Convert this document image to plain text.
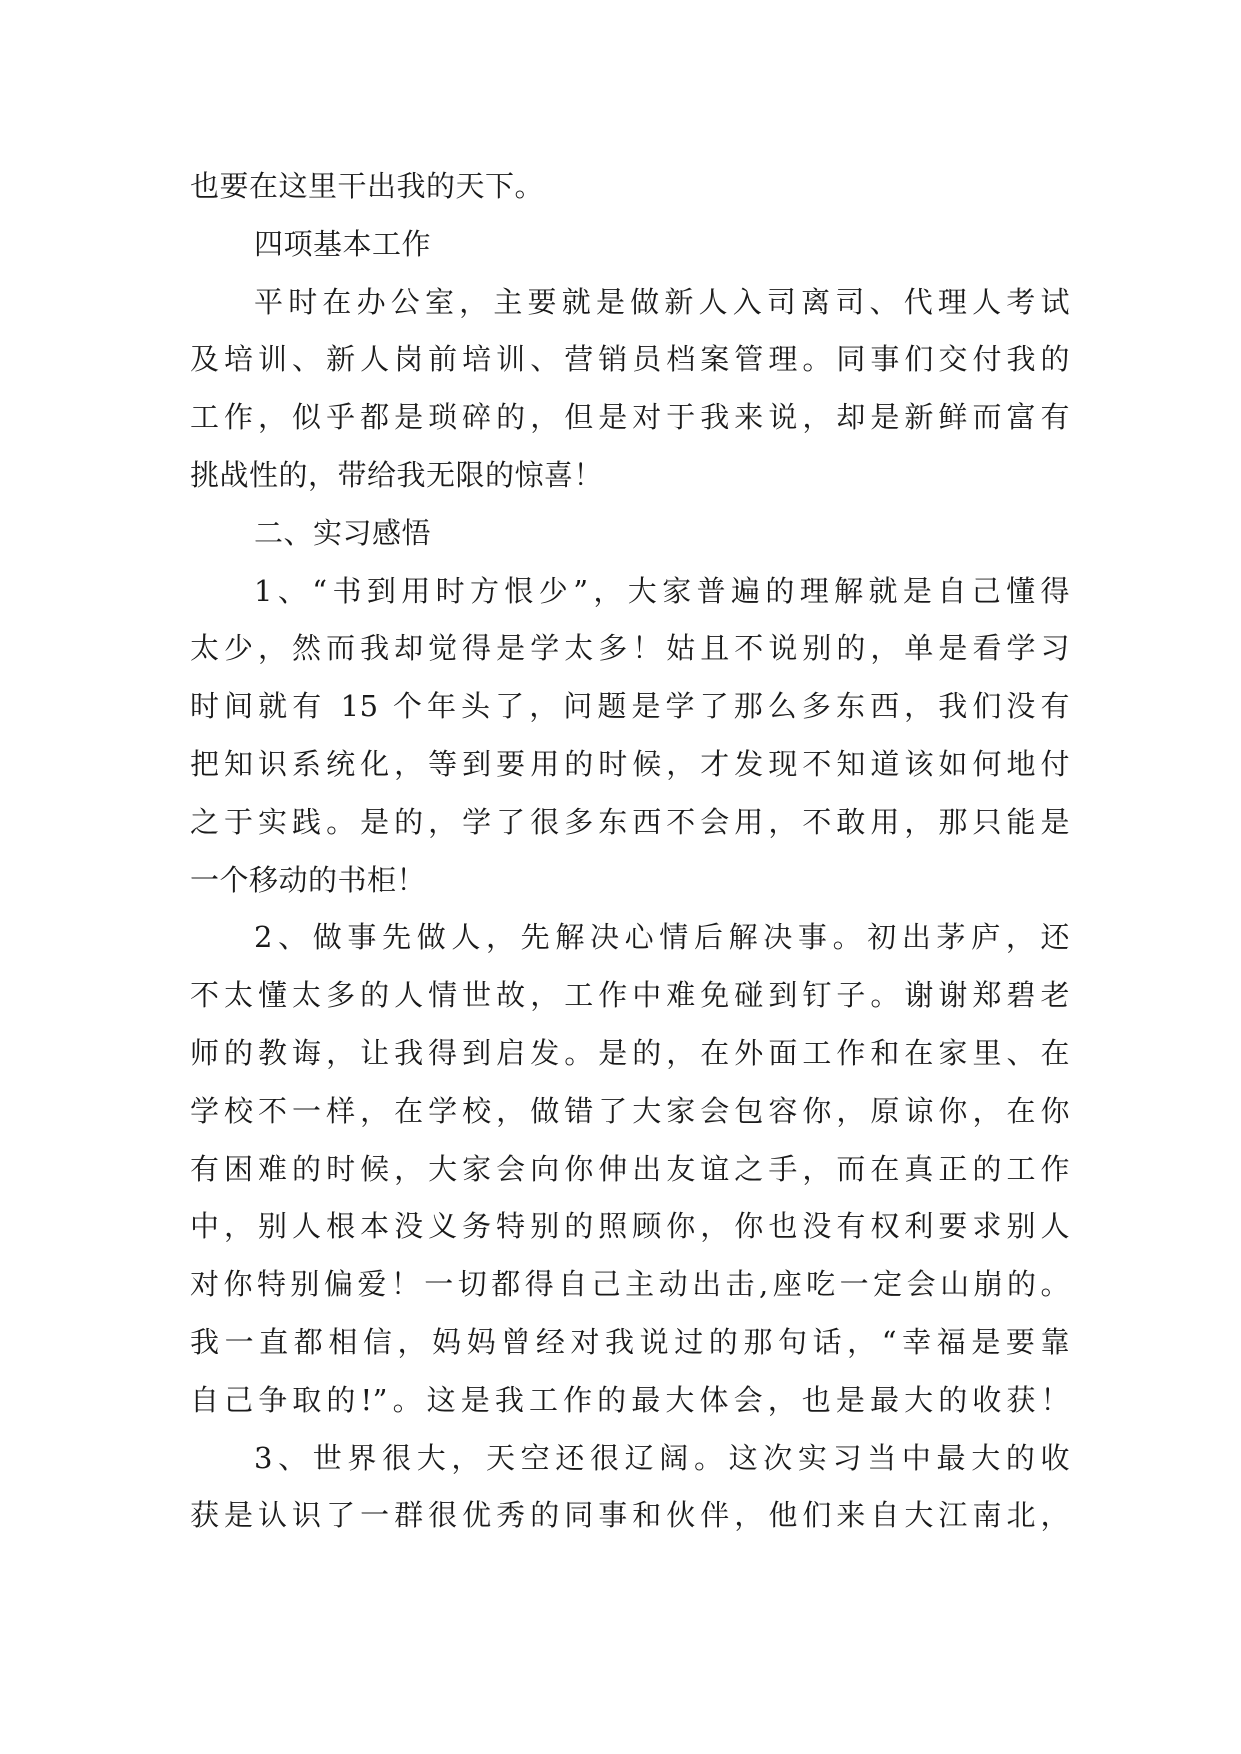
也要在这里干出我的天下。
四项基本工作
平时在办公室，主要就是做新人入司离司、代理人考试
及培训、新人岗前培训、营销员档案管理。同事们交付我的
工作，似乎都是琐碎的，但是对于我来说，却是新鲜而富有
挑战性的，带给我无限的惊喜！
二、实习感悟
1、“书到用时方恨少”，大家普遍的理解就是自己懂得
太少，然而我却觉得是学太多！姑且不说别的，单是看学习
时间就有 15 个年头了，问题是学了那么多东西，我们没有
把知识系统化，等到要用的时候，才发现不知道该如何地付
之于实践。是的，学了很多东西不会用，不敢用，那只能是
一个移动的书柜！
2、做事先做人，先解决心情后解决事。初出茅庐，还
不太懂太多的人情世故，工作中难免碰到钉子。谢谢郑碧老
师的教诲，让我得到启发。是的，在外面工作和在家里、在
学校不一样，在学校，做错了大家会包容你，原谅你，在你
有困难的时候，大家会向你伸出友谊之手，而在真正的工作
中，别人根本没义务特别的照顾你，你也没有权利要求别人
对你特别偏爱！一切都得自己主动出击,座吃一定会山崩的。
我一直都相信，妈妈曾经对我说过的那句话，“幸福是要靠
自己争取的!”。这是我工作的最大体会，也是最大的收获！
3、世界很大，天空还很辽阔。这次实习当中最大的收
获是认识了一群很优秀的同事和伙伴，他们来自大江南北，
